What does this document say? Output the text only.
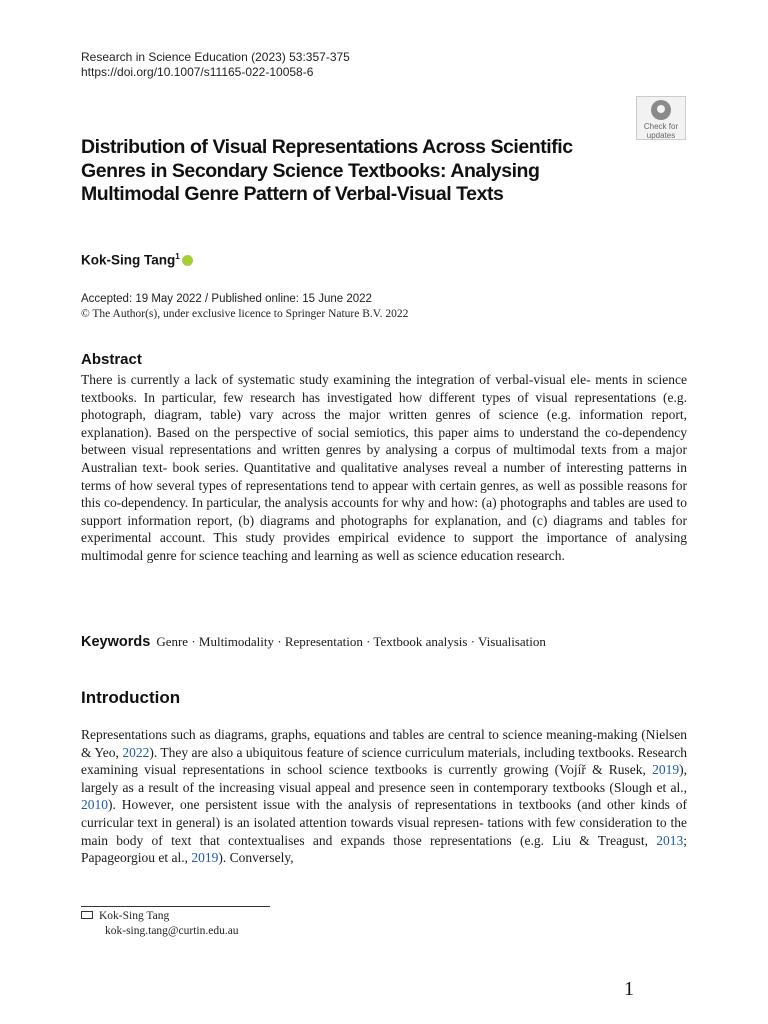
Research in Science Education (2023) 53:357-375
https://doi.org/10.1007/s11165-022-10058-6
Check for
updates
Distribution of Visual Representations Across Scientific Genres in Secondary Science Textbooks: Analysing Multimodal Genre Pattern of Verbal-Visual Texts
Kok-Sing Tang$^1$
Accepted: 19 May 2022 / Published online: 15 June 2022
© The Author(s), under exclusive licence to Springer Nature B.V. 2022
Abstract
There is currently a lack of systematic study examining the integration of verbal-visual ele- ments in science textbooks. In particular, few research has investigated how different types of visual representations (e.g. photograph, diagram, table) vary across the major written genres of science (e.g. information report, explanation). Based on the perspective of social semiotics, this paper aims to understand the co-dependency between visual representations and written genres by analysing a corpus of multimodal texts from a major Australian text- book series. Quantitative and qualitative analyses reveal a number of interesting patterns in terms of how several types of representations tend to appear with certain genres, as well as possible reasons for this co-dependency. In particular, the analysis accounts for why and how: (a) photographs and tables are used to support information report, (b) diagrams and photographs for explanation, and (c) diagrams and tables for experimental account. This study provides empirical evidence to support the importance of analysing multimodal genre for science teaching and learning as well as science education research.
Keywords Genre · Multimodality · Representation · Textbook analysis · Visualisation
Introduction
Representations such as diagrams, graphs, equations and tables are central to science meaning-making (Nielsen & Yeo, 2022). They are also a ubiquitous feature of science curriculum materials, including textbooks. Research examining visual representations in school science textbooks is currently growing (Vojíř & Rusek, 2019), largely as a result of the increasing visual appeal and presence seen in contemporary textbooks (Slough et al., 2010). However, one persistent issue with the analysis of representations in textbooks (and other kinds of curricular text in general) is an isolated attention towards visual represen- tations with few consideration to the main body of text that contextualises and expands those representations (e.g. Liu & Treagust, 2013; Papageorgiou et al., 2019). Conversely,
Kok-Sing Tang
kok-sing.tang@curtin.edu.au
1
